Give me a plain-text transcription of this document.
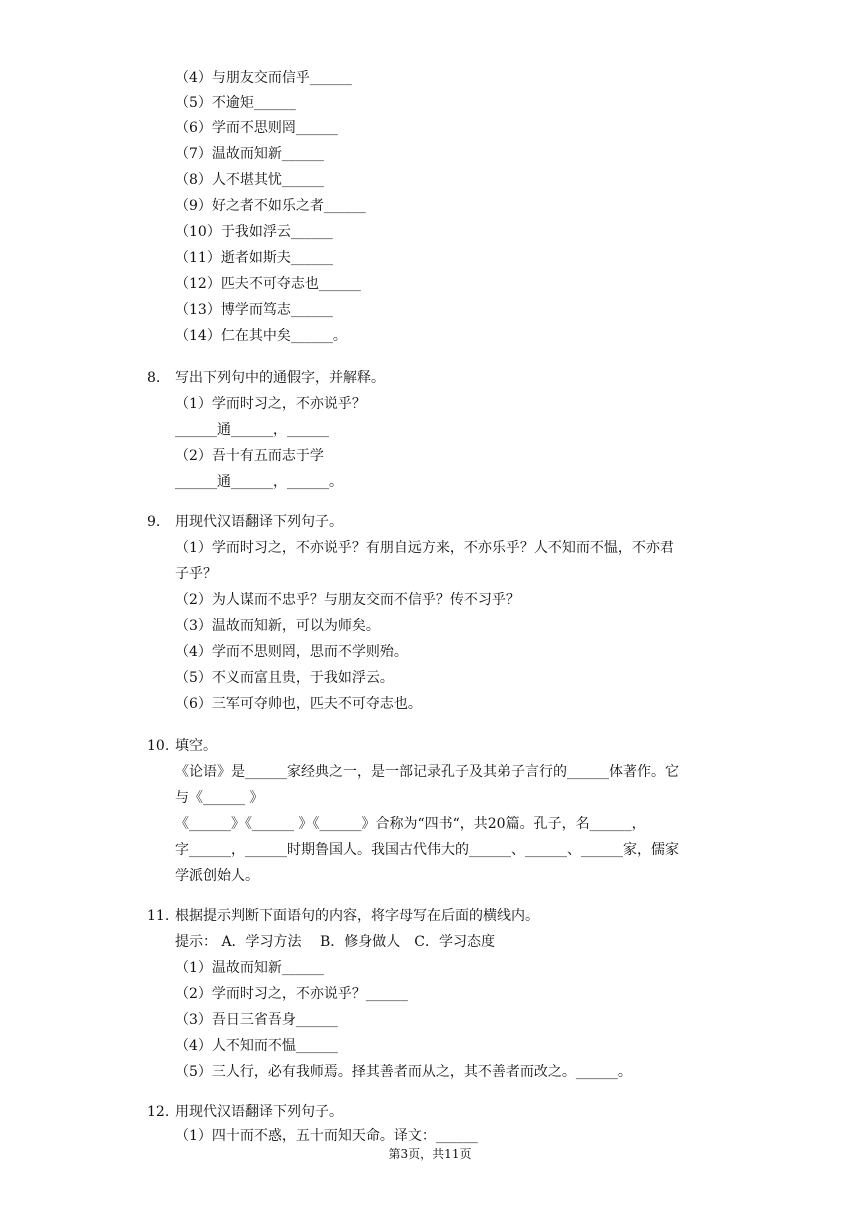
（4）与朋友交而信乎______
（5）不逾矩______
（6）学而不思则罔______
（7）温故而知新______
（8）人不堪其忧______
（9）好之者不如乐之者______
（10）于我如浮云______
（11）逝者如斯夫______
（12）匹夫不可夺志也______
（13）博学而笃志______
（14）仁在其中矣______。
8. 写出下列句中的通假字，并解释。
（1）学而时习之，不亦说乎？
______通______，______
（2）吾十有五而志于学
______通______，______。
9. 用现代汉语翻译下列句子。
（1）学而时习之，不亦说乎？有朋自远方来，不亦乐乎？人不知而不愠，不亦君
子乎？
（2）为人谋而不忠乎？与朋友交而不信乎？传不习乎？
（3）温故而知新，可以为师矣。
（4）学而不思则罔，思而不学则殆。
（5）不义而富且贵，于我如浮云。
（6）三军可夺帅也，匹夫不可夺志也。
10. 填空。
《论语》是______家经典之一，是一部记录孔子及其弟子言行的______体著作。它
与《______ 》
《______》《______ 》《______》合称为“四书“，共20篇。孔子，名______，
字______，______时期鲁国人。我国古代伟大的______、______、______家，儒家
学派创始人。
11. 根据提示判断下面语句的内容，将字母写在后面的横线内。
提示： A．学习方法　 B．修身做人　C．学习态度
（1）温故而知新______
（2）学而时习之，不亦说乎？______
（3）吾日三省吾身______
（4）人不知而不愠______
（5）三人行，必有我师焉。择其善者而从之，其不善者而改之。______。
12. 用现代汉语翻译下列句子。
（1）四十而不惑，五十而知天命。译文：______
第3页，共11页
